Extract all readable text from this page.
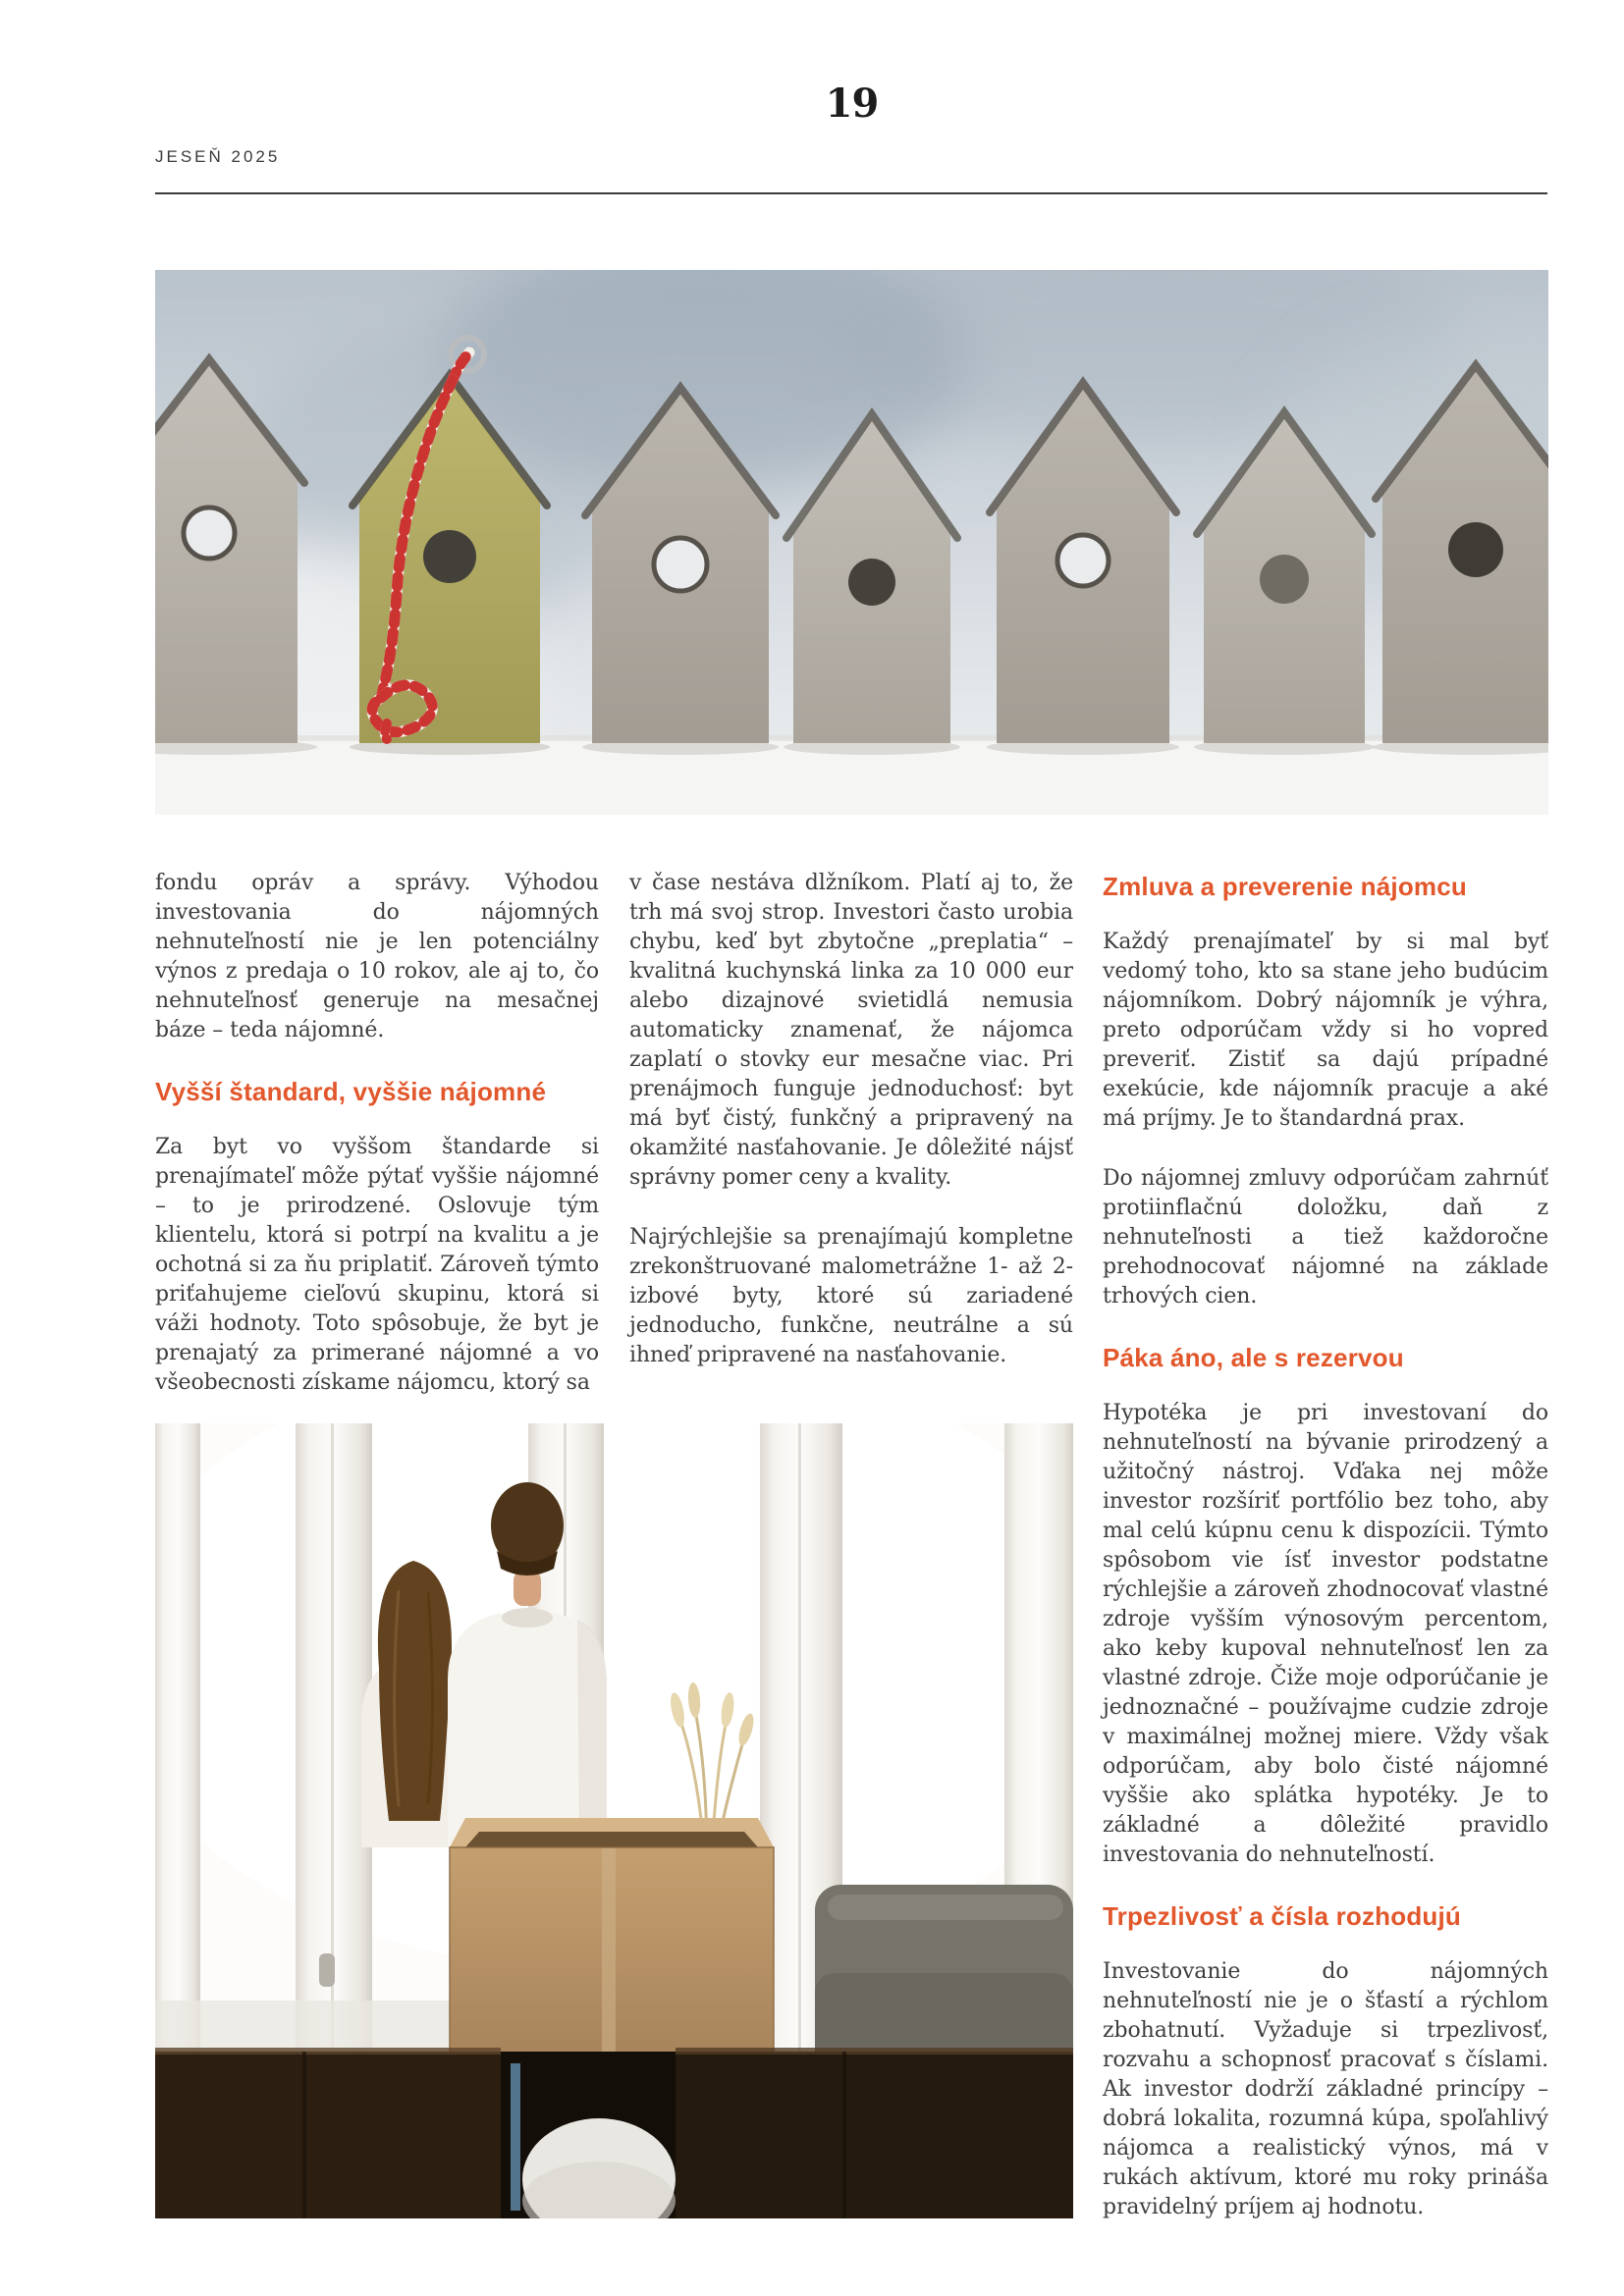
19
JESEŇ 2025

fondu opráv a správy. Výhodou investovania do nájomných nehnuteľností nie je len potenciálny výnos z predaja o 10 rokov, ale aj to, čo nehnuteľnosť generuje na mesačnej báze – teda nájomné.

Vyšší štandard, vyššie nájomné

Za byt vo vyššom štandarde si prenajímateľ môže pýtať vyššie nájomné – to je prirodzené. Oslovuje tým klientelu, ktorá si potrpí na kvalitu a je ochotná si za ňu priplatiť. Zároveň týmto priťahujeme cieľovú skupinu, ktorá si váži hodnoty. Toto spôsobuje, že byt je prenajatý za primerané nájomné a vo všeobecnosti získame nájomcu, ktorý sa

v čase nestáva dlžníkom. Platí aj to, že trh má svoj strop. Investori často urobia chybu, keď byt zbytočne „preplatia“ – kvalitná kuchynská linka za 10 000 eur alebo dizajnové svietidlá nemusia automaticky znamenať, že nájomca zaplatí o stovky eur mesačne viac. Pri prenájmoch funguje jednoduchosť: byt má byť čistý, funkčný a pripravený na okamžité nasťahovanie. Je dôležité nájsť správny pomer ceny a kvality.

Najrýchlejšie sa prenajímajú kompletne zrekonštruované malometrážne 1- až 2-izbové byty, ktoré sú zariadené jednoducho, funkčne, neutrálne a sú ihneď pripravené na nasťahovanie.

Zmluva a preverenie nájomcu

Každý prenajímateľ by si mal byť vedomý toho, kto sa stane jeho budúcim nájomníkom. Dobrý nájomník je výhra, preto odporúčam vždy si ho vopred preveriť. Zistiť sa dajú prípadné exekúcie, kde nájomník pracuje a aké má príjmy. Je to štandardná prax.

Do nájomnej zmluvy odporúčam zahrnúť protiinflačnú doložku, daň z nehnuteľnosti a tiež každoročne prehodnocovať nájomné na základe trhových cien.

Páka áno, ale s rezervou

Hypotéka je pri investovaní do nehnuteľností na bývanie prirodzený a užitočný nástroj. Vďaka nej môže investor rozšíriť portfólio bez toho, aby mal celú kúpnu cenu k dispozícii. Týmto spôsobom vie ísť investor podstatne rýchlejšie a zároveň zhodnocovať vlastné zdroje vyšším výnosovým percentom, ako keby kupoval nehnuteľnosť len za vlastné zdroje. Čiže moje odporúčanie je jednoznačné – používajme cudzie zdroje v maximálnej možnej miere. Vždy však odporúčam, aby bolo čisté nájomné vyššie ako splátka hypotéky. Je to základné a dôležité pravidlo investovania do nehnuteľností.

Trpezlivosť a čísla rozhodujú

Investovanie do nájomných nehnuteľností nie je o šťastí a rýchlom zbohatnutí. Vyžaduje si trpezlivosť, rozvahu a schopnosť pracovať s číslami. Ak investor dodrží základné princípy – dobrá lokalita, rozumná kúpa, spoľahlivý nájomca a realistický výnos, má v rukách aktívum, ktoré mu roky prináša pravidelný príjem aj hodnotu.
